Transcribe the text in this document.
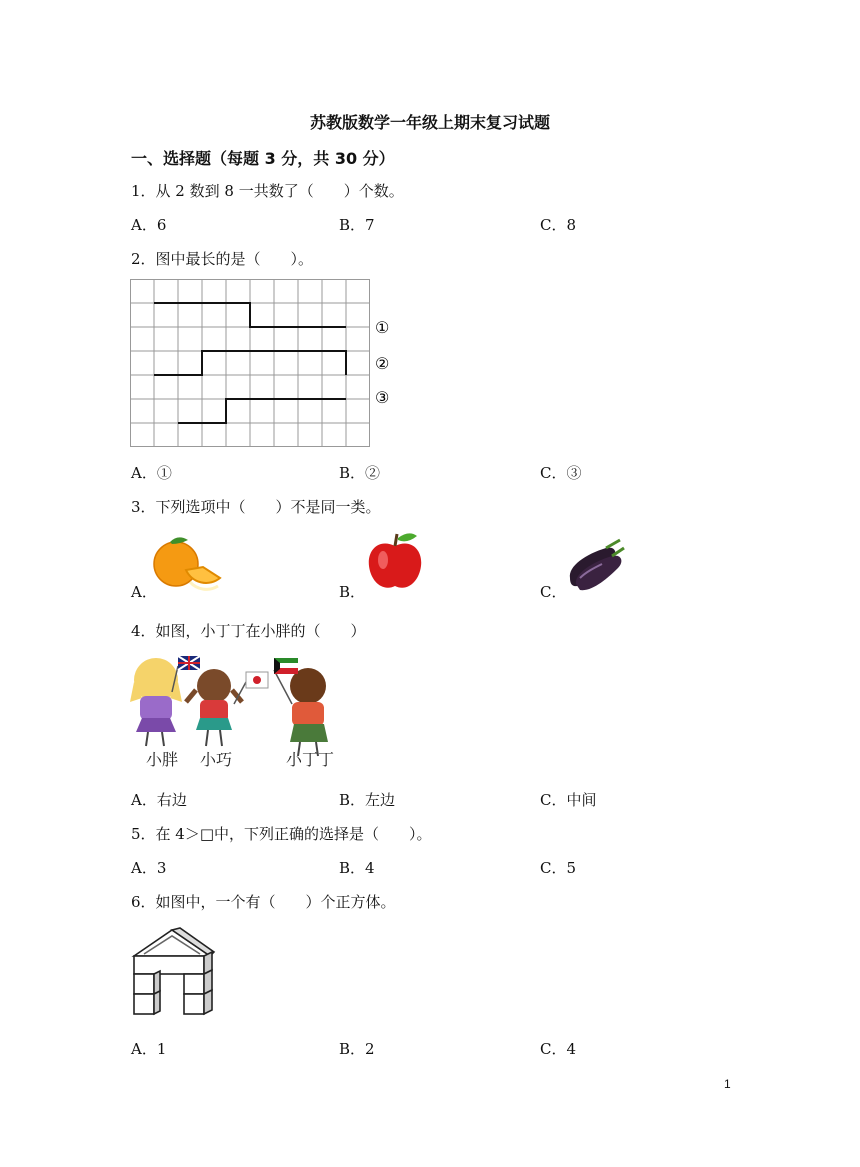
苏教版数学一年级上期末复习试题
一、选择题（每题 3 分，共 30 分）
1．从 2 数到 8 一共数了（　　）个数。
A．6	B．7	C．8
2．图中最长的是（　　）。
①
②
③
A．①	B．②	C．③
3．下列选项中（　　）不是同一类。
A．	B．	C．
4．如图，小丁丁在小胖的（　　）
小胖 小巧	小丁丁
A．右边	B．左边	C．中间
5．在 4＞□中，下列正确的选择是（　　）。
A．3	B．4	C．5
6．如图中，一个有（　　）个正方体。
A．1	B．2	C．4
1
